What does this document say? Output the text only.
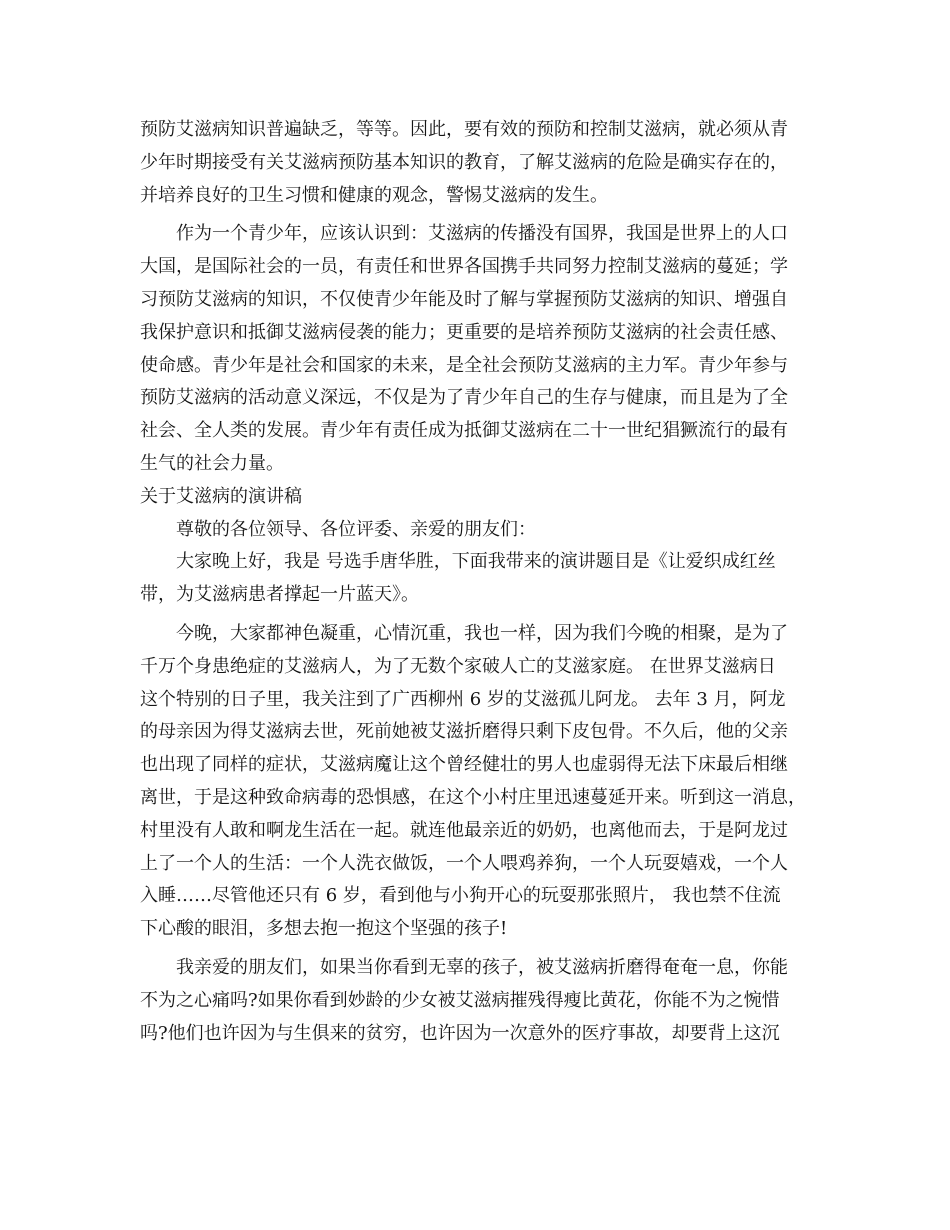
预防艾滋病知识普遍缺乏，等等。因此，要有效的预防和控制艾滋病，就必须从青
少年时期接受有关艾滋病预防基本知识的教育，了解艾滋病的危险是确实存在的，
并培养良好的卫生习惯和健康的观念，警惕艾滋病的发生。
作为一个青少年，应该认识到：艾滋病的传播没有国界，我国是世界上的人口
大国，是国际社会的一员，有责任和世界各国携手共同努力控制艾滋病的蔓延；学
习预防艾滋病的知识，不仅使青少年能及时了解与掌握预防艾滋病的知识、增强自
我保护意识和抵御艾滋病侵袭的能力；更重要的是培养预防艾滋病的社会责任感、
使命感。青少年是社会和国家的未来，是全社会预防艾滋病的主力军。青少年参与
预防艾滋病的活动意义深远，不仅是为了青少年自己的生存与健康，而且是为了全
社会、全人类的发展。青少年有责任成为抵御艾滋病在二十一世纪猖獗流行的最有
生气的社会力量。
关于艾滋病的演讲稿
尊敬的各位领导、各位评委、亲爱的朋友们：
大家晚上好，我是 号选手唐华胜，下面我带来的演讲题目是《让爱织成红丝
带，为艾滋病患者撑起一片蓝天》。
今晚，大家都神色凝重，心情沉重，我也一样，因为我们今晚的相聚，是为了
千万个身患绝症的艾滋病人，为了无数个家破人亡的艾滋家庭。 在世界艾滋病日
这个特别的日子里，我关注到了广西柳州 6 岁的艾滋孤儿阿龙。 去年 3 月，阿龙
的母亲因为得艾滋病去世，死前她被艾滋折磨得只剩下皮包骨。不久后，他的父亲
也出现了同样的症状，艾滋病魔让这个曾经健壮的男人也虚弱得无法下床最后相继
离世，于是这种致命病毒的恐惧感，在这个小村庄里迅速蔓延开来。听到这一消息，
村里没有人敢和啊龙生活在一起。就连他最亲近的奶奶，也离他而去，于是阿龙过
上了一个人的生活：一个人洗衣做饭，一个人喂鸡养狗，一个人玩耍嬉戏，一个人
入睡……尽管他还只有 6 岁，看到他与小狗开心的玩耍那张照片， 我也禁不住流
下心酸的眼泪，多想去抱一抱这个坚强的孩子!
我亲爱的朋友们，如果当你看到无辜的孩子，被艾滋病折磨得奄奄一息，你能
不为之心痛吗?如果你看到妙龄的少女被艾滋病摧残得瘦比黄花，你能不为之惋惜
吗?他们也许因为与生俱来的贫穷，也许因为一次意外的医疗事故，却要背上这沉
